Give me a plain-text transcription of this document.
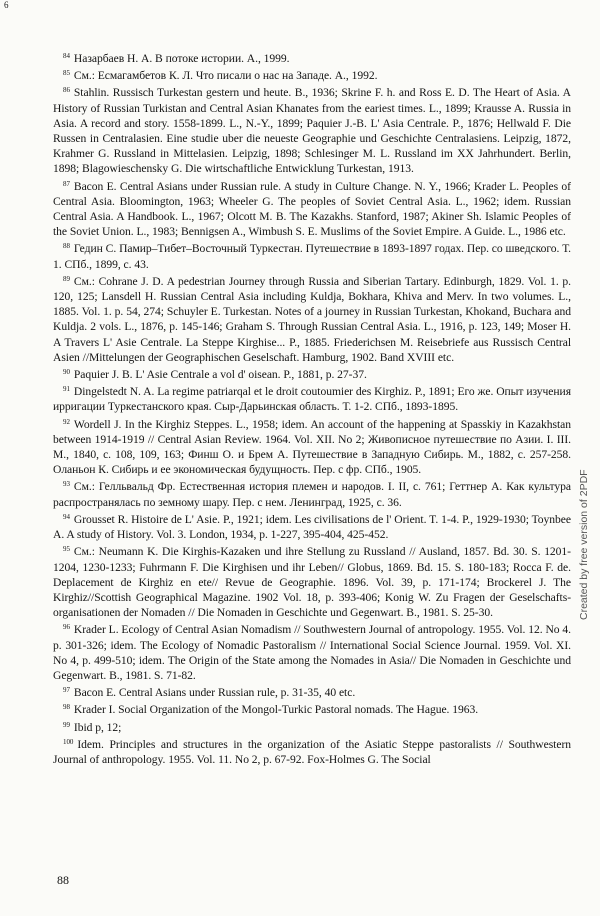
6

$^{84}$ Назарбаев Н. А. В потоке истории. А., 1999.

$^{85}$ См.: Есмагамбетов К. Л. Что писали о нас на Западе. А., 1992.

$^{86}$ Stahlin. Russisch Turkestan gestern und heute. B., 1936; Skrine F. h. and Ross E. D. The Heart of Asia. A History of Russian Turkistan and Central Asian Khanates from the eariest times. L., 1899; Krausse A. Russia in Asia. A record and story. 1558-1899. L., N.-Y., 1899; Paquier J.-B. L' Asia Centrale. P., 1876; Hellwald F. Die Russen in Centralasien. Eine studie uber die neueste Geographie und Geschichte Centralasiens. Leipzig, 1872, Krahmer G. Russland in Mittelasien. Leipzig, 1898; Schlesinger M. L. Russland im XX Jahrhundert. Berlin, 1898; Blagowieschensky G. Die wirtschaftliche Entwicklung Turkestan, 1913.

$^{87}$ Bacon E. Central Asians under Russian rule. A study in Culture Change. N. Y., 1966; Krader L. Peoples of Central Asia. Bloomington, 1963; Wheeler G. The peoples of Soviet Central Asia. L., 1962; idem. Russian Central Asia. A Handbook. L., 1967; Olcott M. B. The Kazakhs. Stanford, 1987; Akiner Sh. Islamic Peoples of the Soviet Union. L., 1983; Bennigsen A., Wimbush S. E. Muslims of the Soviet Empire. A Guide. L., 1986 etc.

$^{88}$ Гедин С. Памир–Тибет–Восточный Туркестан. Путешествие в 1893-1897 годах. Пер. со шведского. Т. 1. СПб., 1899, с. 43.

$^{89}$ См.: Cohrane J. D. A pedestrian Journey through Russia and Siberian Tartary. Edinburgh, 1829. Vol. 1. p. 120, 125; Lansdell H. Russian Central Asia including Kuldja, Bokhara, Khiva and Merv. In two volumes. L., 1885. Vol. 1. p. 54, 274; Schuyler E. Turkestan. Notes of a journey in Russian Turkestan, Khokand, Buchara and Kuldja. 2 vols. L., 1876, p. 145-146; Graham S. Through Russian Central Asia. L., 1916, p. 123, 149; Moser H. A Travers L' Asie Centrale. La Steppe Kirghise... P., 1885. Friederichsen M. Reisebriefe aus Russisch Central Asien //Mittelungen der Geographischen Geselschaft. Hamburg, 1902. Band XVIII etc.

$^{90}$ Paquier J. B. L' Asie Centrale a vol d' oisean. P., 1881, p. 27-37.

$^{91}$ Dingelstedt N. A. La regime patriarqal et le droit coutoumier des Kirghiz. P., 1891; Его же. Опыт изучения ирригации Туркестанского края. Сыр-Дарьинская область. Т. 1-2. СПб., 1893-1895.

$^{92}$ Wordell J. In the Kirghiz Steppes. L., 1958; idem. An account of the happening at Spasskiy in Kazakhstan between 1914-1919 // Central Asian Review. 1964. Vol. XII. No 2; Живописное путешествие по Азии. I. III. M., 1840, c. 108, 109, 163; Финш О. и Брем А. Путешествие в Западную Сибирь. M., 1882, c. 257-258. Оланьон К. Сибирь и ее экономическая будущность. Пер. с фр. СПб., 1905.

$^{93}$ См.: Гелльвальд Фр. Естественная история племен и народов. I. II, c. 761; Геттнер А. Как культура распространялась по земному шару. Пер. с нем. Ленинград, 1925, c. 36.

$^{94}$ Grousset R. Histoire de L' Asie. P., 1921; idem. Les civilisations de l' Orient. T. 1-4. P., 1929-1930; Toynbee A. A study of History. Vol. 3. London, 1934, p. 1-227, 395-404, 425-452.

$^{95}$ См.: Neumann K. Die Kirghis-Kazaken und ihre Stellung zu Russland // Ausland, 1857. Bd. 30. S. 1201-1204, 1230-1233; Fuhrmann F. Die Kirghisen und ihr Leben// Globus, 1869. Bd. 15. S. 180-183; Rocca F. de. Deplacement de Kirghiz en ete// Revue de Geographie. 1896. Vol. 39, p. 171-174; Brockerel J. The Kirghiz//Scottish Geographical Magazine. 1902 Vol. 18, p. 393-406; Konig W. Zu Fragen der Geselschafts-organisationen der Nomaden // Die Nomaden in Geschichte und Gegenwart. B., 1981. S. 25-30.

$^{96}$ Krader L. Ecology of Central Asian Nomadism // Southwestern Journal of antropology. 1955. Vol. 12. No 4. p. 301-326; idem. The Ecology of Nomadic Pastoralism // International Social Science Journal. 1959. Vol. XI. No 4, p. 499-510; idem. The Origin of the State among the Nomades in Asia// Die Nomaden in Geschichte und Gegenwart. B., 1981. S. 71-82.

$^{97}$ Bacon E. Central Asians under Russian rule, p. 31-35, 40 etc.

$^{98}$ Krader I. Social Organization of the Mongol-Turkic Pastoral nomads. The Hague. 1963.

$^{99}$ Ibid p, 12;

$^{100}$ Idem. Principles and structures in the organization of the Asiatic Steppe pastoralists // Southwestern Journal of anthropology. 1955. Vol. 11. No 2, p. 67-92. Fox-Holmes G. The Social

88
Created by free version of 2PDF
